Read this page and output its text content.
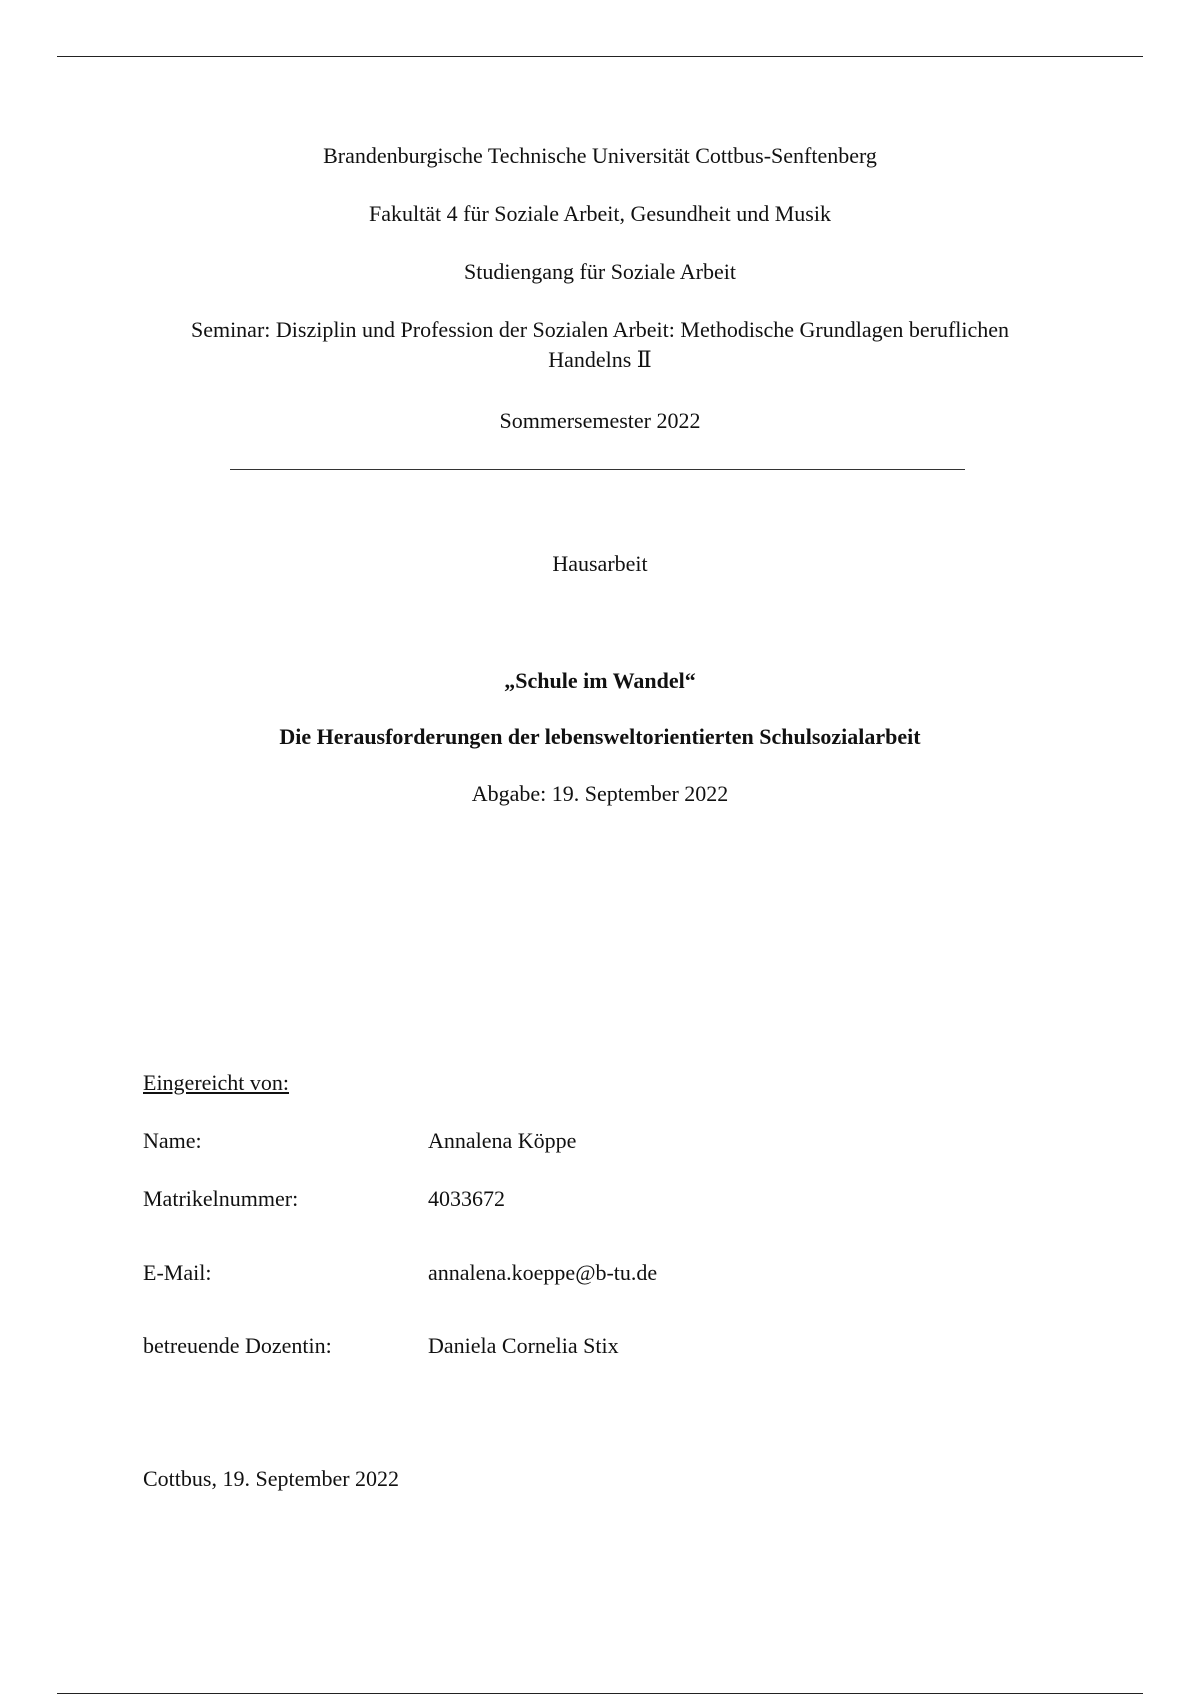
Brandenburgische Technische Universität Cottbus-Senftenberg
Fakultät 4 für Soziale Arbeit, Gesundheit und Musik
Studiengang für Soziale Arbeit
Seminar: Disziplin und Profession der Sozialen Arbeit: Methodische Grundlagen beruflichen
Handelns Ⅱ
Sommersemester 2022
Hausarbeit
„Schule im Wandel“
Die Herausforderungen der lebensweltorientierten Schulsozialarbeit
Abgabe: 19. September 2022
Eingereicht von:
Name:	Annalena Köppe
Matrikelnummer:	4033672
E-Mail:	annalena.koeppe@b-tu.de
betreuende Dozentin:	Daniela Cornelia Stix
Cottbus, 19. September 2022
